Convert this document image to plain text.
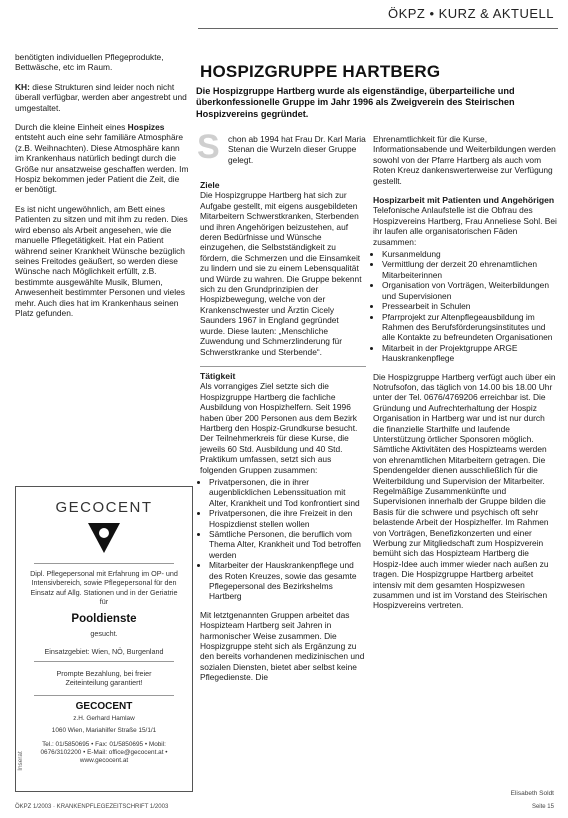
ÖKPZ • KURZ & AKTUELL

benötigten individuellen Pflegeprodukte, Bettwäsche, etc im Raum.

KH: diese Strukturen sind leider noch nicht überall verfügbar, werden aber angestrebt und umgestaltet.

Durch die kleine Einheit eines Hospizes entsteht auch eine sehr familiäre Atmosphäre (z.B. Weihnachten). Diese Atmosphäre kann im Krankenhaus natürlich bedingt durch die Größe nur ansatzweise geschaffen werden. Im Hospiz bekommen jeder Patient die Zeit, die er benötigt.

Es ist nicht ungewöhnlich, am Bett eines Patienten zu sitzen und mit ihm zu reden. Dies wird ebenso als Arbeit angesehen, wie die manuelle Pflegetätigkeit. Hat ein Patient während seiner Krankheit Wünsche bezüglich seines Freitodes geäußert, so werden diese Wünsche nach Möglichkeit erfüllt, z.B. bestimmte ausgewählte Musik, Blumen, Anwesenheit bestimmter Personen und vieles mehr. Auch dies hat im Krankenhaus seinen Platz gefunden.

GECOCENT
Dipl. Pflegepersonal mit Erfahrung im OP- und Intensivbereich, sowie Pflegepersonal für den Einsatz auf Allg. Stationen und in der Geriatrie für
Pooldienste
gesucht.
Einsatzgebiet: Wien, NÖ, Burgenland
Prompte Bezahlung, bei freier Zeiteinteilung garantiert!
GECOCENT
z.H. Gerhard Hamlaw
1060 Wien, Mariahilfer Straße 15/1/1
Tel.: 01/5850695 • Fax: 01/5850695 • Mobil: 0676/3102200 • E-Mail: office@gecocent.at • www.gecocent.at
Inserat
HOSPIZGRUPPE HARTBERG
Die Hospizgruppe Hartberg wurde als eigenständige, überparteiliche und überkonfessionelle Gruppe im Jahr 1996 als Zweigverein des Steirischen Hospizvereins gegründet.
S chon ab 1994 hat Frau Dr. Karl Maria Stenan die Wurzeln dieser Gruppe gelegt.

Ziele

Die Hospizgruppe Hartberg hat sich zur Aufgabe gestellt, mit eigens ausgebildeten Mitarbeitern Schwerstkranken, Sterbenden und ihren Angehörigen beizustehen, auf deren Bedürfnisse und Wünsche einzugehen, die Selbstständigkeit zu fördern, die Schmerzen und die Einsamkeit zu lindern und sie zu einem Lebensqualität und Würde zu wahren. Die Gruppe bekennt sich zu den Grundprinzipien der Hospizbewegung, welche von der Krankenschwester und Ärztin Cicely Saunders 1967 in England gegründet wurde. Diese lauten: „Menschliche Zuwendung und Schmerzlinderung für Schwerstkranke und Sterbende“.

Tätigkeit

Als vorrangiges Ziel setzte sich die Hospizgruppe Hartberg die fachliche Ausbildung von Hospizhelfern. Seit 1996 haben über 200 Personen aus dem Bezirk Hartberg den Hospiz-Grundkurse besucht. Der Teilnehmerkreis für diese Kurse, die jeweils 60 Std. Ausbildung und 40 Std. Praktikum umfassen, setzt sich aus folgenden Gruppen zusammen:

• Privatpersonen, die in ihrer augenblicklichen Lebenssituation mit Alter, Krankheit und Tod konfrontiert sind
• Privatpersonen, die ihre Freizeit in den Hospizdienst stellen wollen
• Sämtliche Personen, die beruflich vom Thema Alter, Krankheit und Tod betroffen werden
• Mitarbeiter der Hauskrankenpflege und des Roten Kreuzes, sowie das gesamte Pflegepersonal des Bezirkshelms Hartberg

Mit letztgenannten Gruppen arbeitet das Hospizteam Hartberg seit Jahren in harmonischer Weise zusammen. Die Hospizgruppe steht sich als Ergänzung zu den bereits vorhandenen medizinischen und sozialen Diensten, bietet aber selbst keine Pflegedienste. Die

Ehrenamtlichkeit für die Kurse, Informationsabende und Weiterbildungen werden sowohl von der Pfarre Hartberg als auch vom Roten Kreuz dankenswerterweise zur Verfügung gestellt.

Hospizarbeit mit Patienten und Angehörigen

Telefonische Anlaufstelle ist die Obfrau des Hospizvereins Hartberg, Frau Anneliese Sohl. Bei ihr laufen alle organisatorischen Fäden zusammen:

• Kursanmeldung
• Vermittlung der derzeit 20 ehrenamtlichen Mitarbeiterinnen
• Organisation von Vorträgen, Weiterbildungen und Supervisionen
• Pressearbeit in Schulen
• Pfarrprojekt zur Altenpflegeausbildung im Rahmen des Berufsförderungsinstitutes und alle Kontakte zu befreundeten Organisationen
• Mitarbeit in der Projektgruppe ARGE Hauskrankenpflege

Die Hospizgruppe Hartberg verfügt auch über ein Notrufsofon, das täglich von 14.00 bis 18.00 Uhr unter der Tel. 0676/4769206 erreichbar ist. Die Gründung und Aufrechterhaltung der Hospiz Organisation in Hartberg war und ist nur durch die finanzielle Starthilfe und laufende Unterstützung örtlicher Sponsoren möglich. Sämtliche Aktivitäten des Hospizteams werden von ehrenamtlichen Mitarbeitern getragen. Die Spendengelder dienen ausschließlich für die Weiterbildung und Supervision der Mitarbeiter. Regelmäßige Zusammenkünfte und Supervisionen innerhalb der Gruppe bilden die Basis für die schwere und psychisch oft sehr belastende Arbeit der Hospizhelfer. Im Rahmen von Vorträgen, Benefizkonzerten und einer Werbung zur Mitgliedschaft zum Hospizverein bemüht sich das Hospizteam Hartberg die Hospiz-Idee auch immer wieder nach außen zu tragen. Die Hospizgruppe Hartberg arbeitet intensiv mit dem gesamten Hospizwesen zusammen und ist im Vorstand des Steirischen Hospizvereins vertreten.

Elisabeth Soldt
ÖKPZ 1/2003 · KRANKENPFLEGEZEITSCHRIFT 1/2003	Seite 15
